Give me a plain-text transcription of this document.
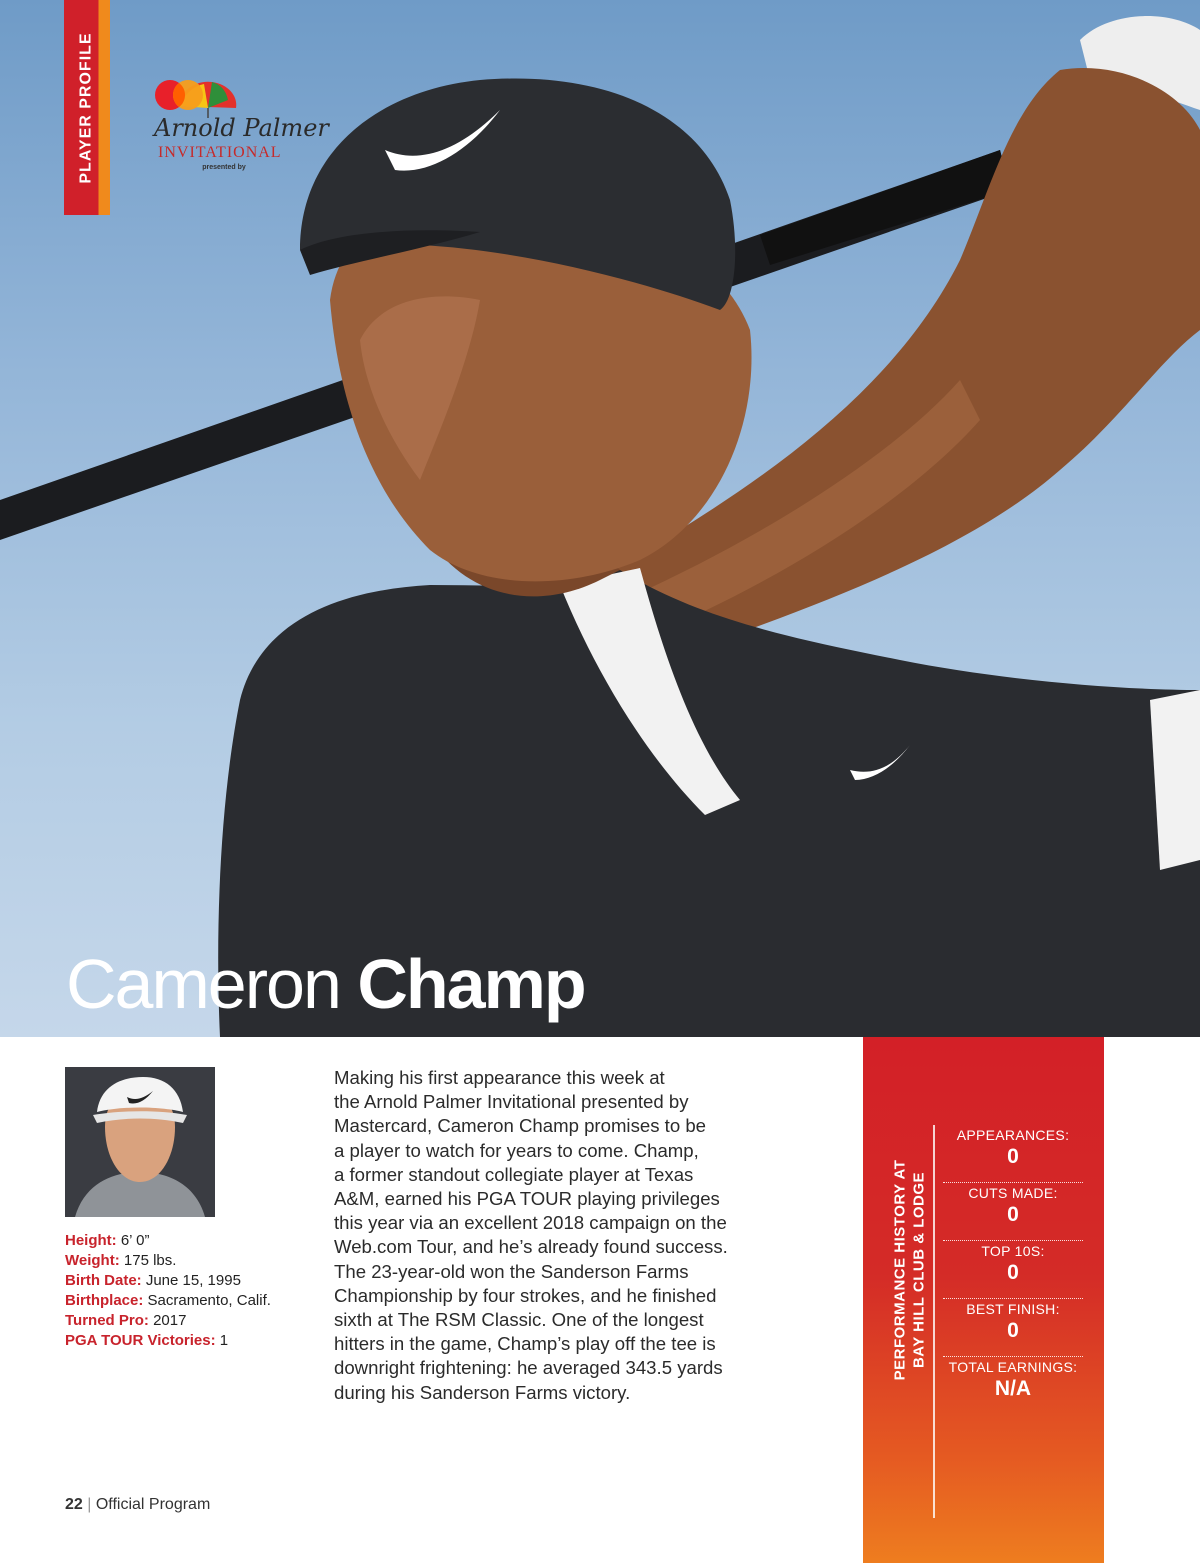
PLAYER PROFILE Arnold Palmer
INVITATIONAL
presented by
Cameron Champ
Height: 6’ 0”
Weight: 175 lbs.
Birth Date: June 15, 1995
Birthplace: Sacramento, Calif.
Turned Pro: 2017
PGA TOUR Victories: 1
Making his first appearance this week at
the Arnold Palmer Invitational presented by
Mastercard, Cameron Champ promises to be
a player to watch for years to come. Champ,
a former standout collegiate player at Texas
A&M, earned his PGA TOUR playing privileges
this year via an excellent 2018 campaign on the
Web.com Tour, and he’s already found success.
The 23-year-old won the Sanderson Farms
Championship by four strokes, and he finished
sixth at The RSM Classic. One of the longest
hitters in the game, Champ’s play off the tee is
downright frightening: he averaged 343.5 yards
during his Sanderson Farms victory.
PERFORMANCE HISTORY AT BAY HILL CLUB & LODGE
APPEARANCES:
0
CUTS MADE:
0
TOP 10S:
0
BEST FINISH:
0
TOTAL EARNINGS:
N/A
22 | Official Program
